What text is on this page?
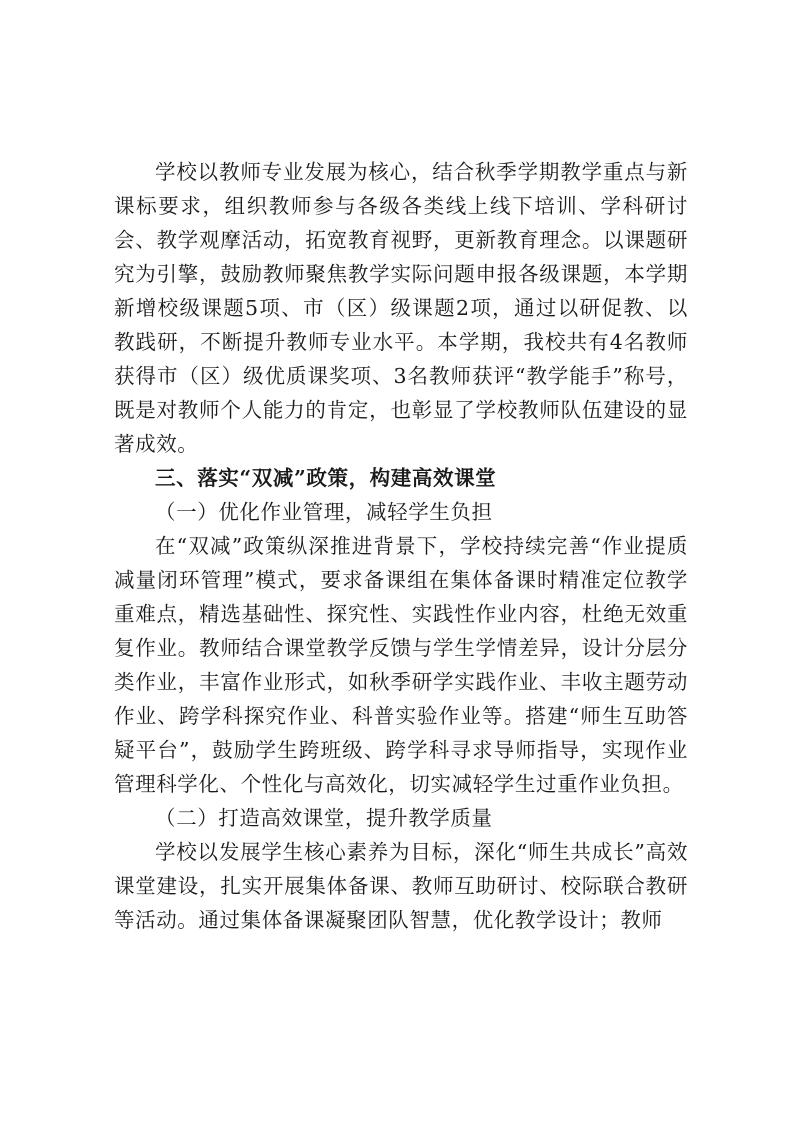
学校以教师专业发展为核心，结合秋季学期教学重点与新课标要求，组织教师参与各级各类线上线下培训、学科研讨会、教学观摩活动，拓宽教育视野，更新教育理念。以课题研究为引擎，鼓励教师聚焦教学实际问题申报各级课题，本学期新增校级课题5项、市（区）级课题2项，通过以研促教、以教践研，不断提升教师专业水平。本学期，我校共有4名教师获得市（区）级优质课奖项、3名教师获评“教学能手”称号，既是对教师个人能力的肯定，也彰显了学校教师队伍建设的显著成效。

三、落实“双减”政策，构建高效课堂

（一）优化作业管理，减轻学生负担

在“双减”政策纵深推进背景下，学校持续完善“作业提质减量闭环管理”模式，要求备课组在集体备课时精准定位教学重难点，精选基础性、探究性、实践性作业内容，杜绝无效重复作业。教师结合课堂教学反馈与学生学情差异，设计分层分类作业，丰富作业形式，如秋季研学实践作业、丰收主题劳动作业、跨学科探究作业、科普实验作业等。搭建“师生互助答疑平台”，鼓励学生跨班级、跨学科寻求导师指导，实现作业管理科学化、个性化与高效化，切实减轻学生过重作业负担。

（二）打造高效课堂，提升教学质量

学校以发展学生核心素养为目标，深化“师生共成长”高效课堂建设，扎实开展集体备课、教师互助研讨、校际联合教研等活动。通过集体备课凝聚团队智慧，优化教学设计；教师
